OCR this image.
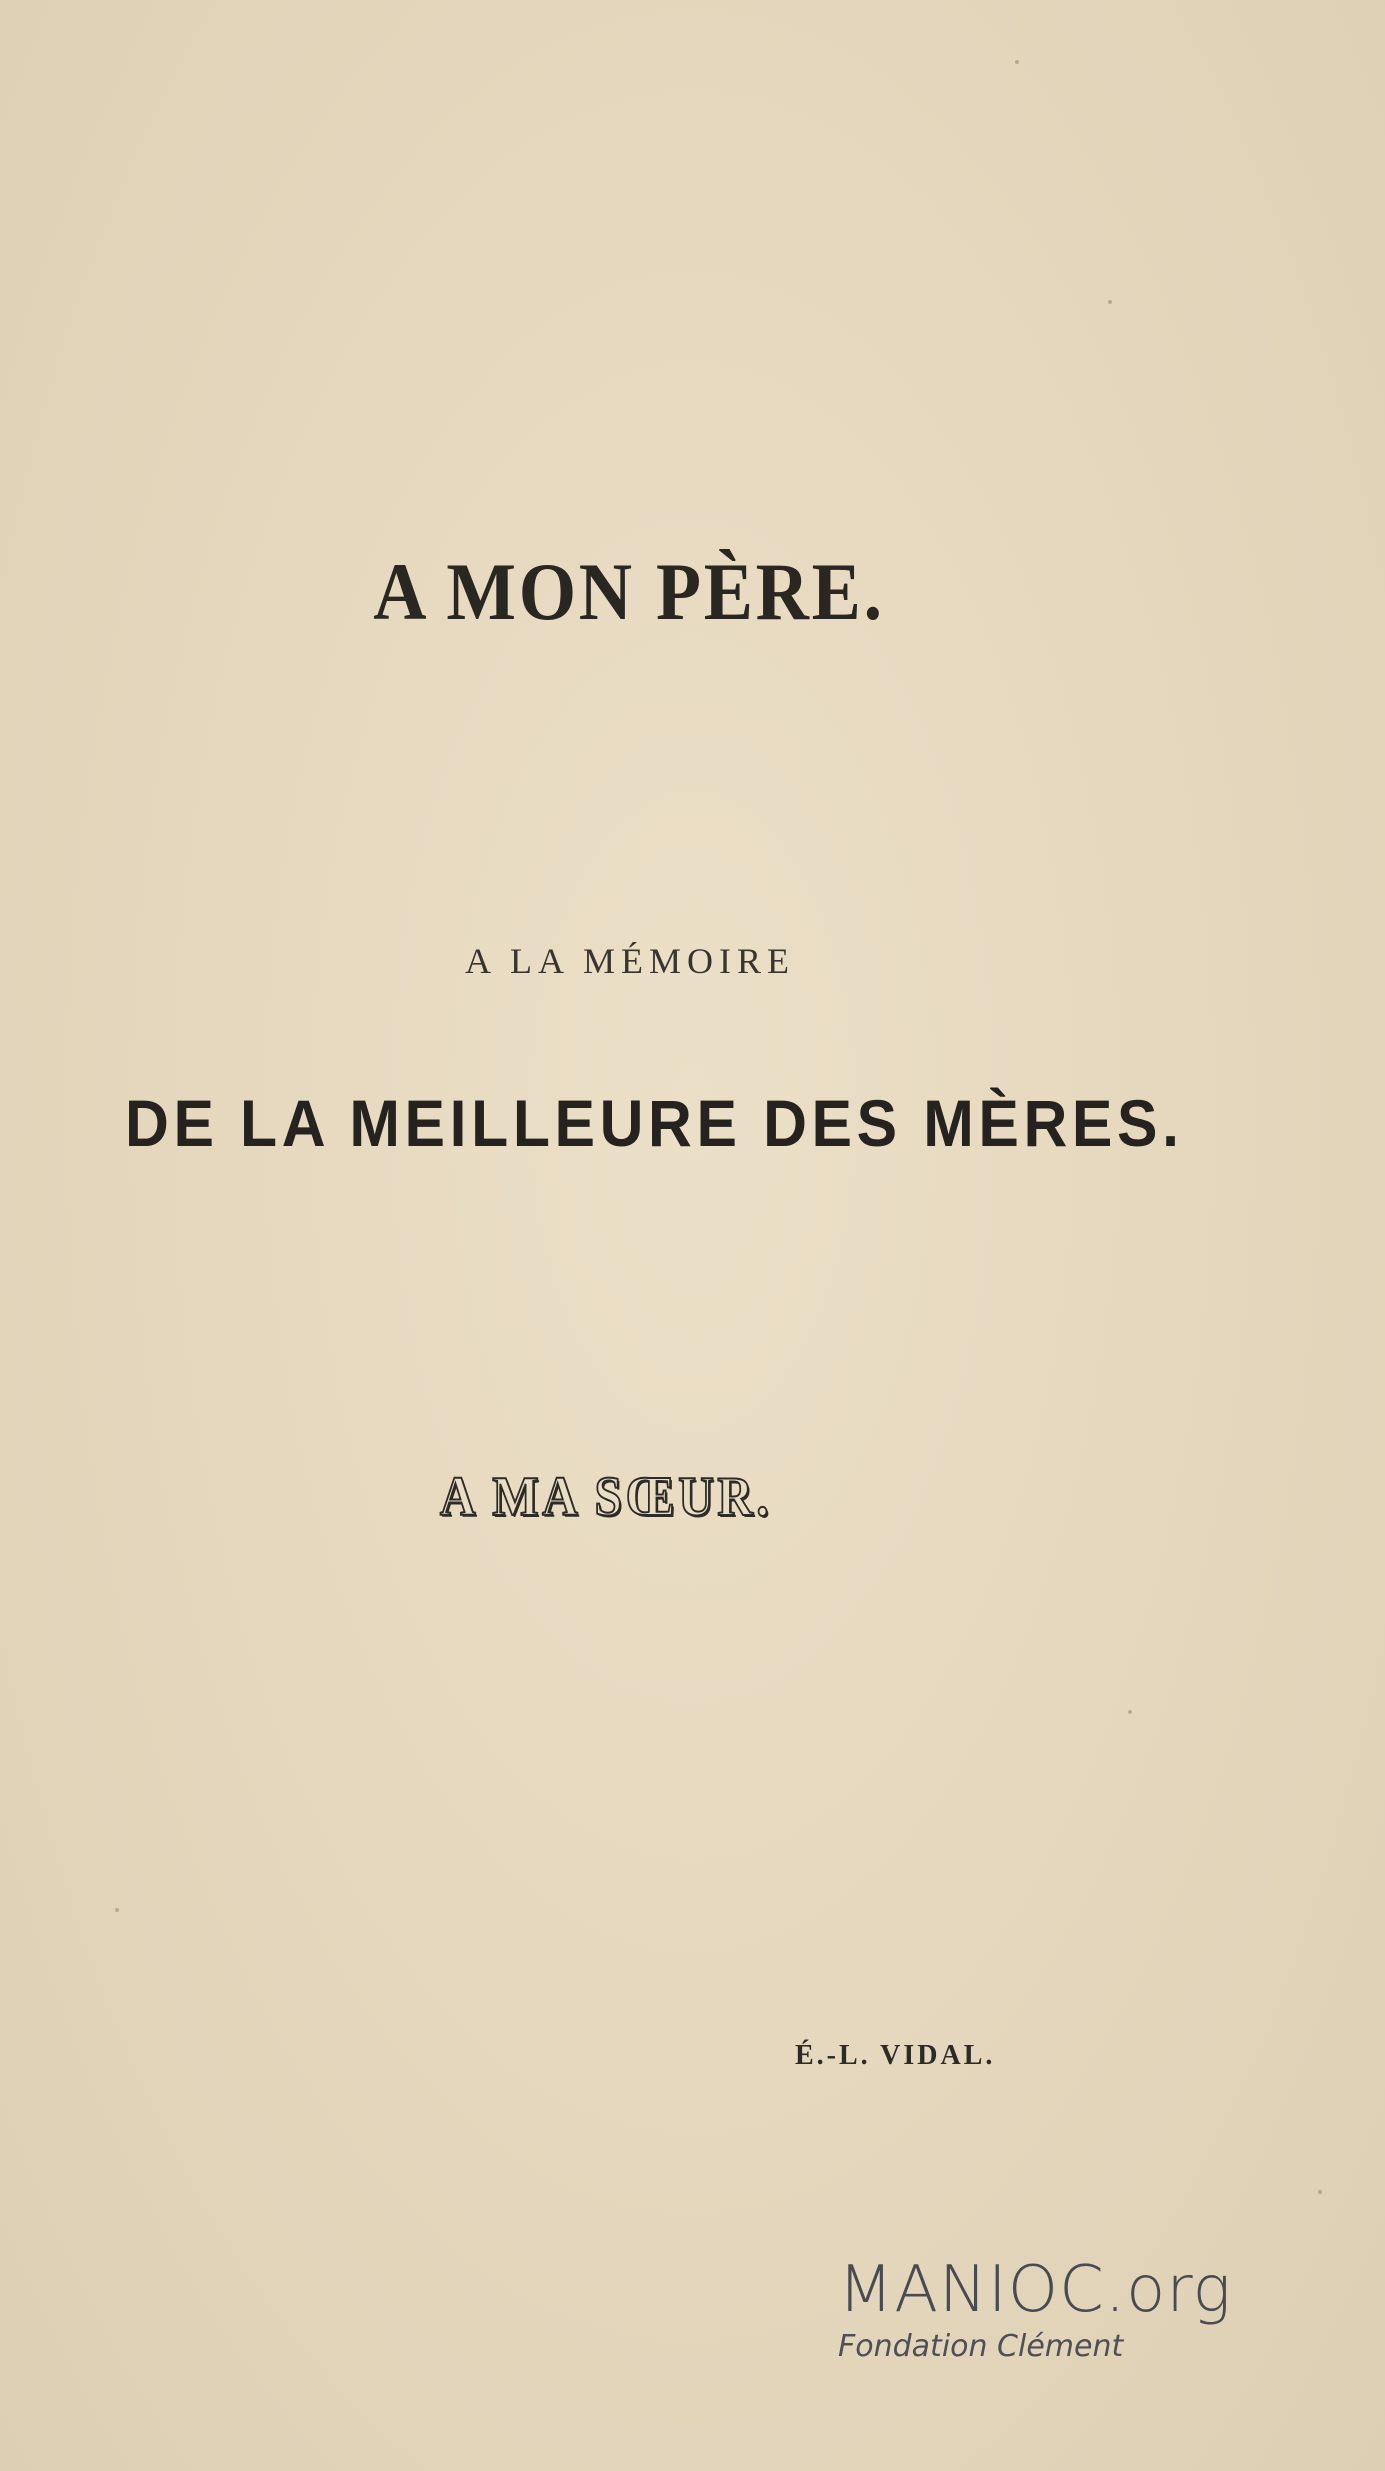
A MON PÈRE.
A LA MÉMOIRE
DE LA MEILLEURE DES MÈRES.
A MA SŒUR.
É.-L. VIDAL.
MANIOC.org
Fondation Clément
